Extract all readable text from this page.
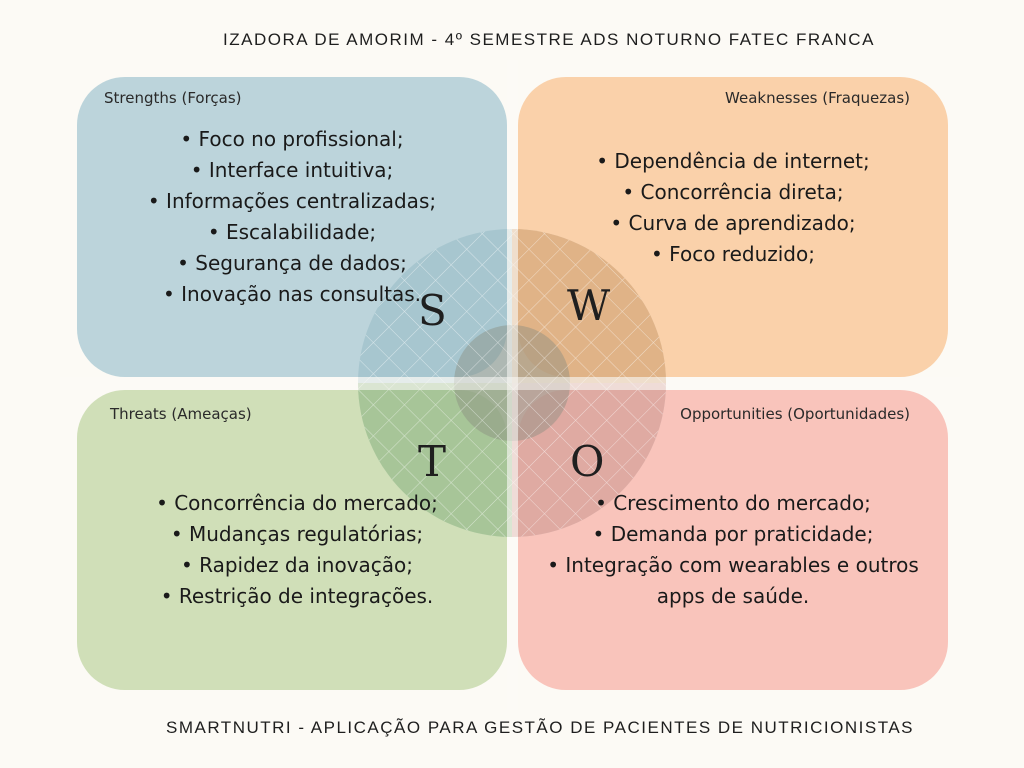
IZADORA DE AMORIM - 4º SEMESTRE ADS NOTURNO FATEC FRANCA
Strengths (Forças)
• Foco no profissional;
• Interface intuitiva;
• Informações centralizadas;
• Escalabilidade;
• Segurança de dados;
• Inovação nas consultas.
S
Weaknesses (Fraquezas)
• Dependência de internet;
• Concorrência direta;
• Curva de aprendizado;
• Foco reduzido;
W
Threats (Ameaças)
• Concorrência do mercado;
• Mudanças regulatórias;
• Rapidez da inovação;
• Restrição de integrações.
T
Opportunities (Oportunidades)
• Crescimento do mercado;
• Demanda por praticidade;
• Integração com wearables e outros apps de saúde.
O
SMARTNUTRI - APLICAÇÃO PARA GESTÃO DE PACIENTES DE NUTRICIONISTAS
